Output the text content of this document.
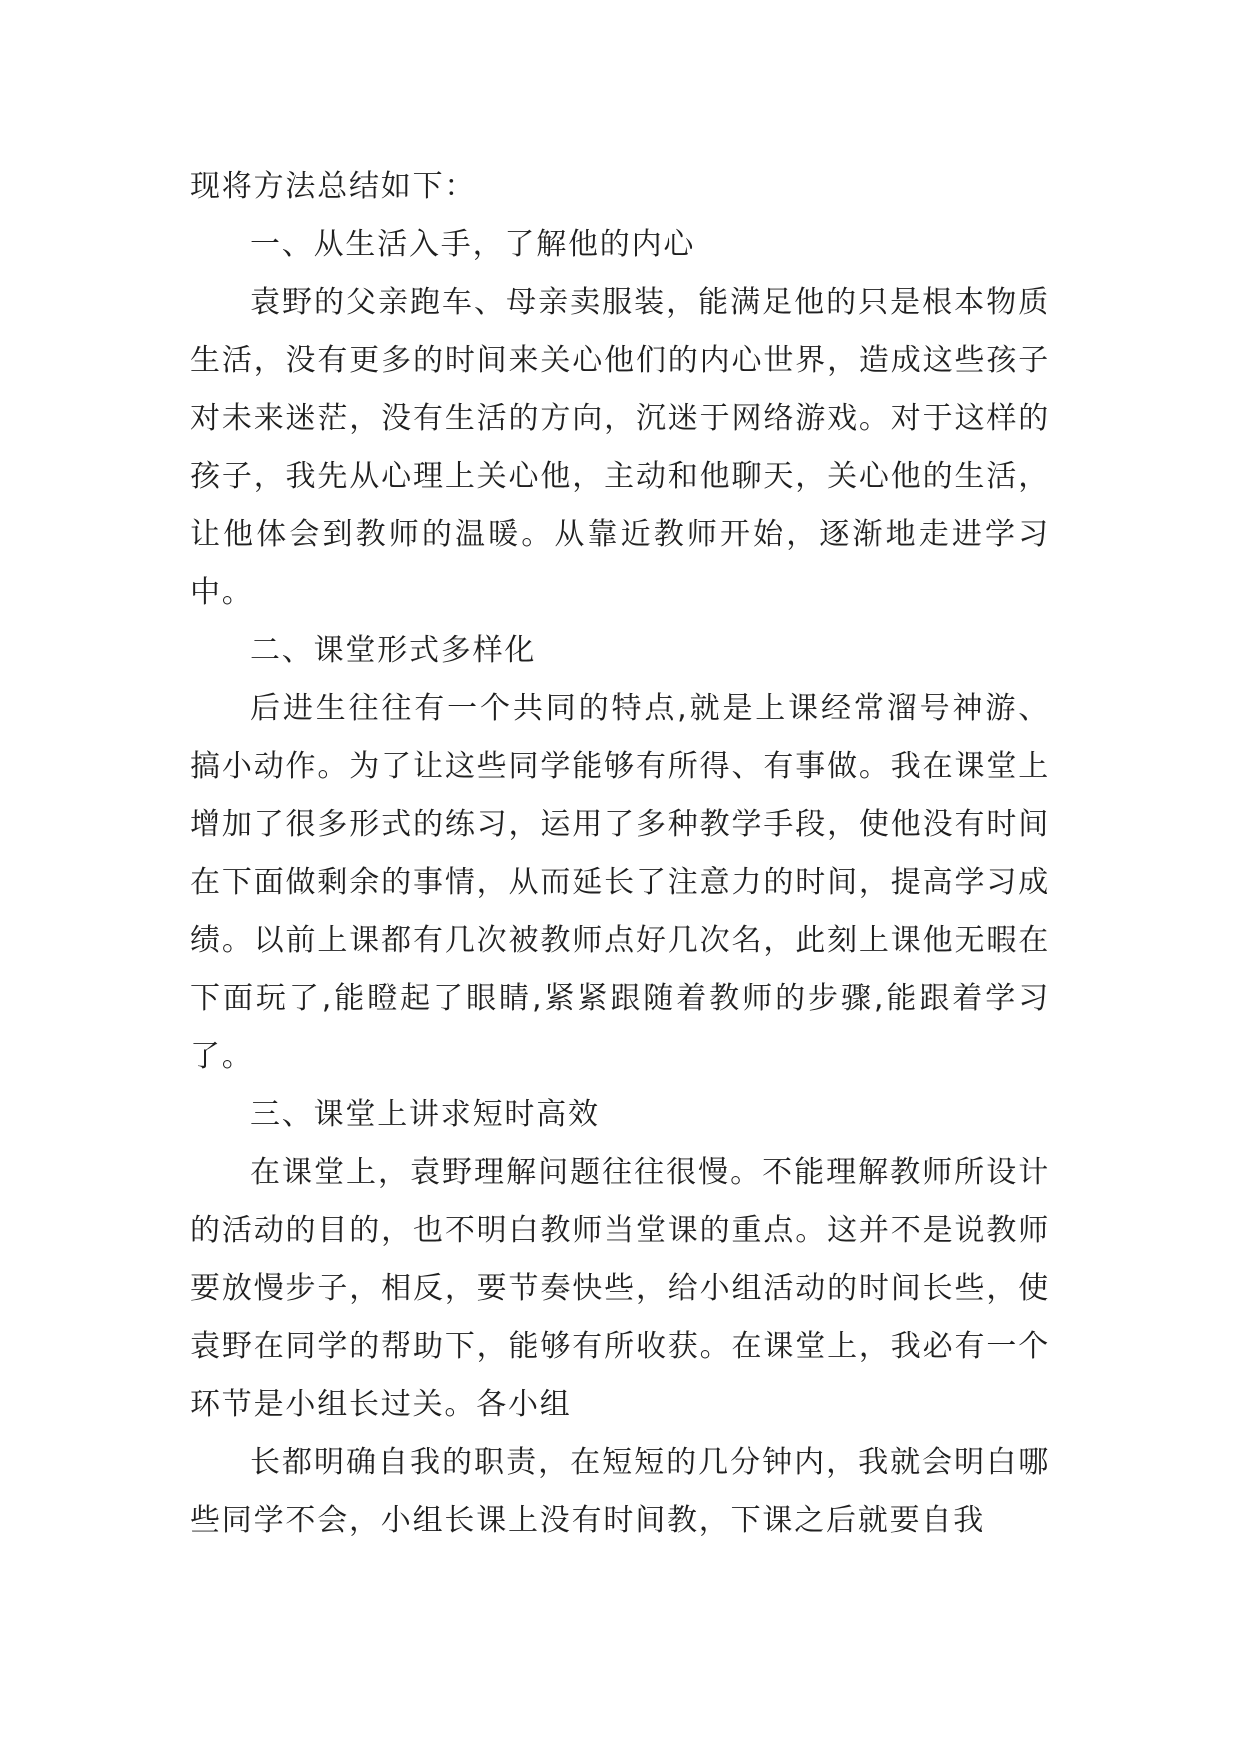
现将方法总结如下：

一、从生活入手，了解他的内心

袁野的父亲跑车、母亲卖服装，能满足他的只是根本物质生活，没有更多的时间来关心他们的内心世界，造成这些孩子对未来迷茫，没有生活的方向，沉迷于网络游戏。对于这样的孩子，我先从心理上关心他，主动和他聊天，关心他的生活，让他体会到教师的温暖。从靠近教师开始，逐渐地走进学习中。

二、课堂形式多样化

后进生往往有一个共同的特点,就是上课经常溜号神游、搞小动作。为了让这些同学能够有所得、有事做。我在课堂上增加了很多形式的练习，运用了多种教学手段，使他没有时间在下面做剩余的事情，从而延长了注意力的时间，提高学习成绩。以前上课都有几次被教师点好几次名，此刻上课他无暇在下面玩了,能瞪起了眼睛,紧紧跟随着教师的步骤,能跟着学习了。

三、课堂上讲求短时高效

在课堂上，袁野理解问题往往很慢。不能理解教师所设计的活动的目的，也不明白教师当堂课的重点。这并不是说教师要放慢步子，相反，要节奏快些，给小组活动的时间长些，使袁野在同学的帮助下，能够有所收获。在课堂上，我必有一个环节是小组长过关。各小组

长都明确自我的职责，在短短的几分钟内，我就会明白哪些同学不会，小组长课上没有时间教，下课之后就要自我
